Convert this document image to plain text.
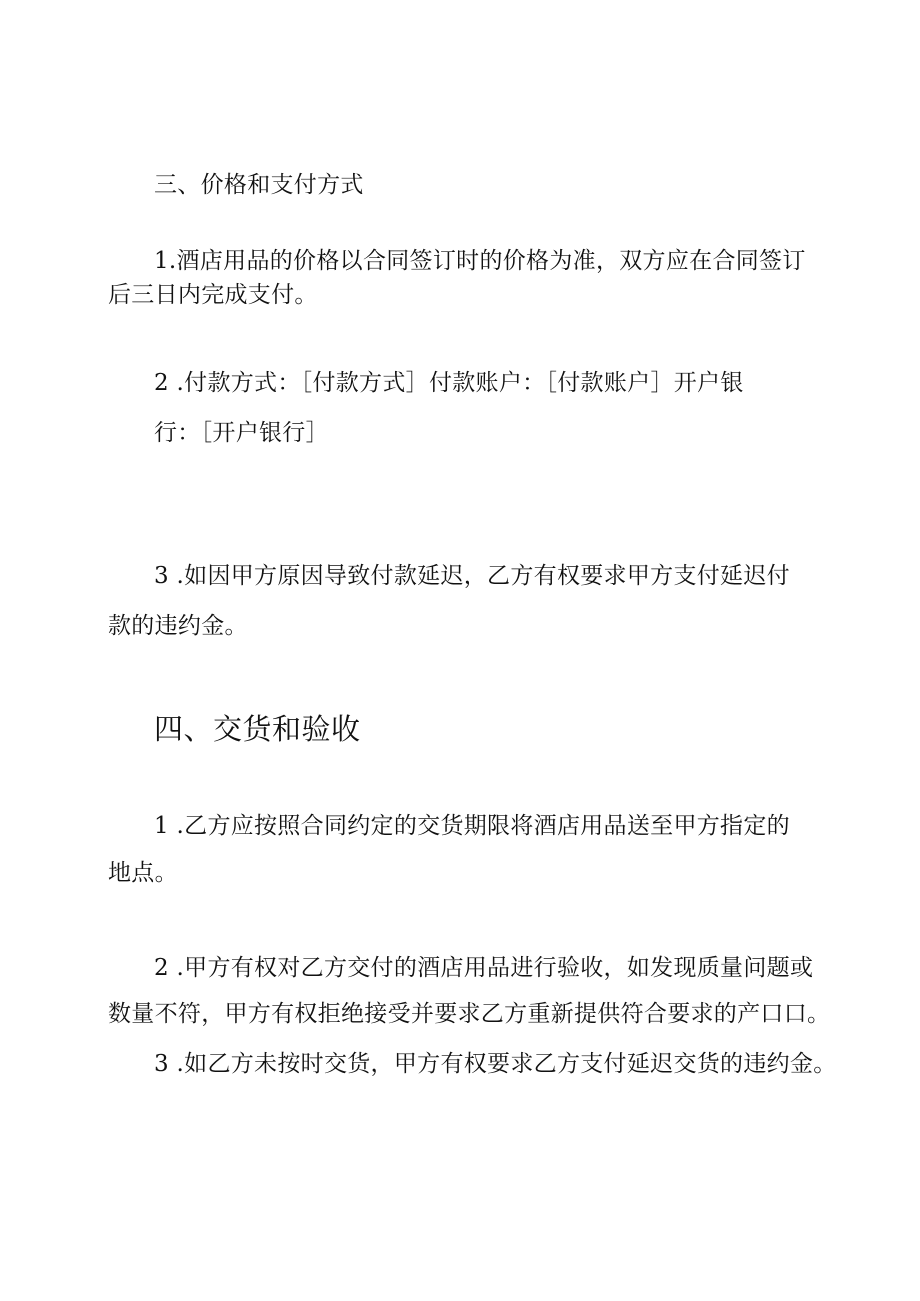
三、价格和支付方式
1.酒店用品的价格以合同签订时的价格为准，双方应在合同签订
后三日内完成支付。
2 .付款方式：［付款方式］付款账户：［付款账户］开户银
行：［开户银行］
3 .如因甲方原因导致付款延迟，乙方有权要求甲方支付延迟付
款的违约金。
四、交货和验收
1 .乙方应按照合同约定的交货期限将酒店用品送至甲方指定的
地点。
2 .甲方有权对乙方交付的酒店用品进行验收，如发现质量问题或
数量不符，甲方有权拒绝接受并要求乙方重新提供符合要求的产口口。
3 .如乙方未按时交货，甲方有权要求乙方支付延迟交货的违约金。
